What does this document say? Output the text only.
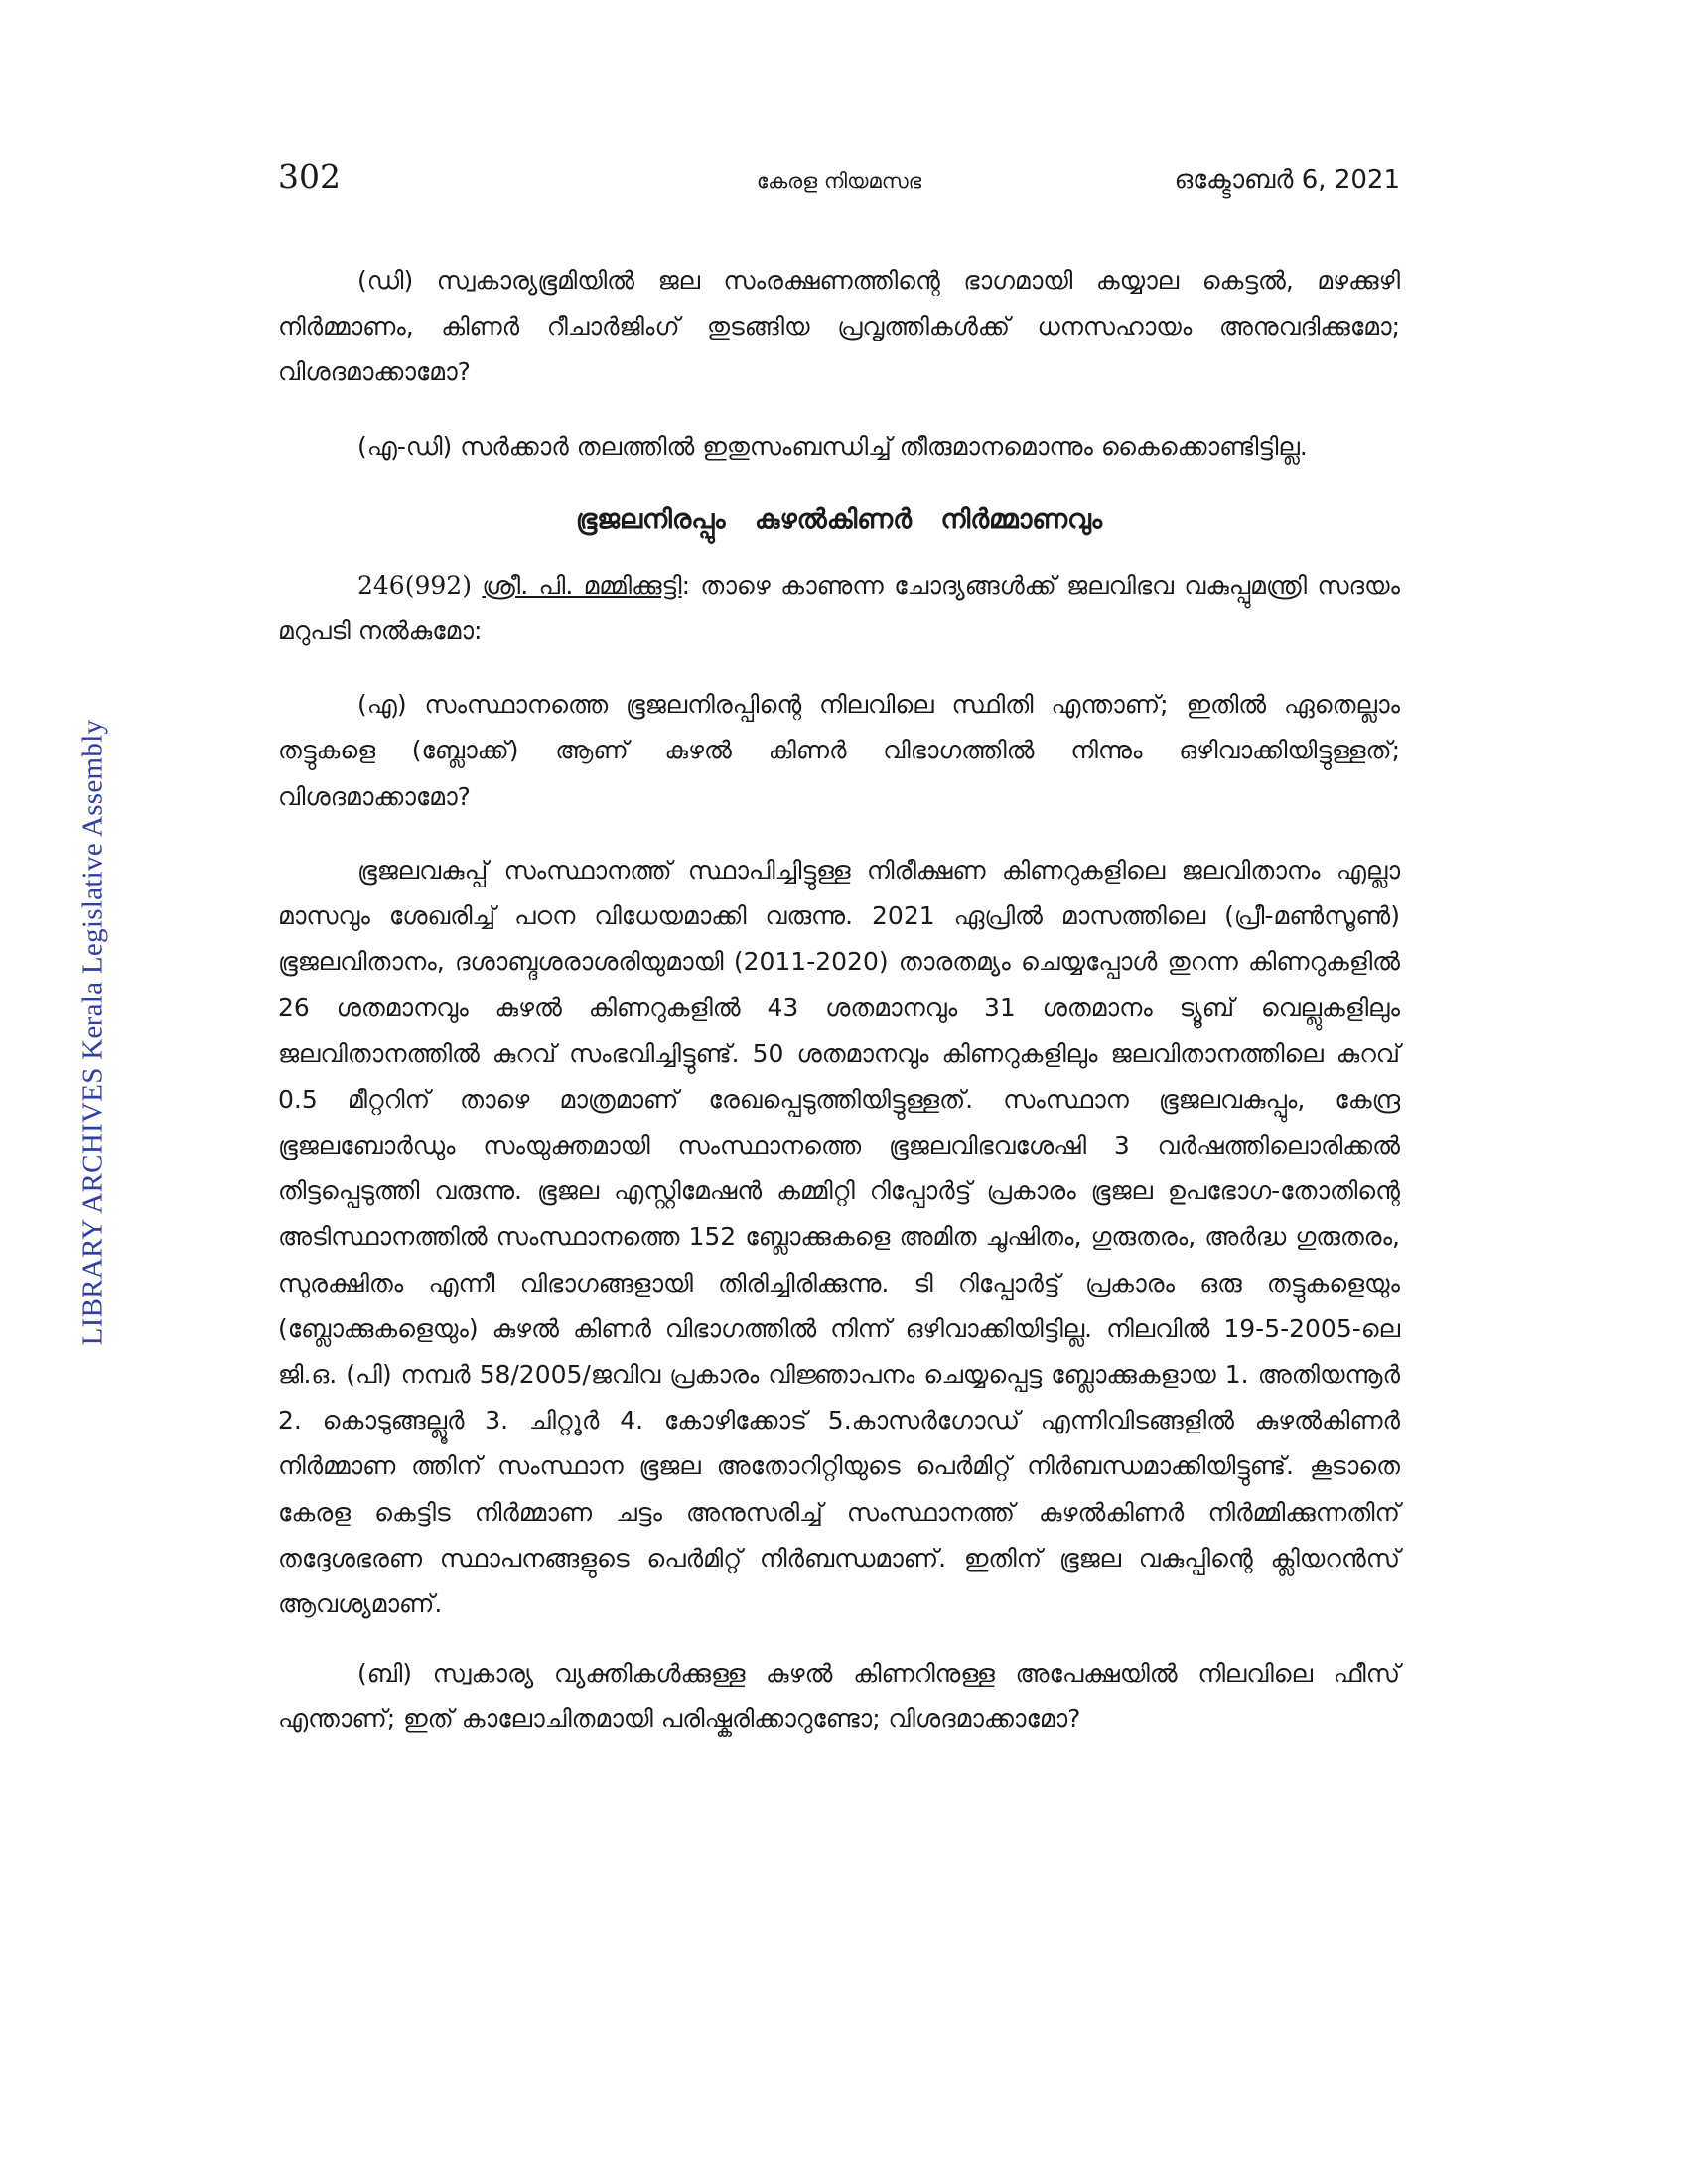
302	കേരള നിയമസഭ	ഒക്ടോബർ 6, 2021
LIBRARY ARCHIVES Kerala Legislative Assembly

(ഡി) സ്വകാര്യഭൂമിയിൽ ജല സംരക്ഷണത്തിന്റെ ഭാഗമായി കയ്യാല കെട്ടൽ, മഴക്കുഴി നിർമ്മാണം, കിണർ റീചാർജിംഗ് തുടങ്ങിയ പ്രവൃത്തികൾക്ക് ധനസഹായം അനുവദിക്കുമോ; വിശദമാക്കാമോ?

(എ-ഡി) സർക്കാർ തലത്തിൽ ഇതുസംബന്ധിച്ച് തീരുമാനമൊന്നും കൈക്കൊണ്ടിട്ടില്ല.

ഭൂജലനിരപ്പും കുഴൽകിണർ നിർമ്മാണവും

246(992) ശ്രീ. പി. മമ്മിക്കുട്ടി: താഴെ കാണുന്ന ചോദ്യങ്ങൾക്ക് ജലവിഭവ വകുപ്പുമന്ത്രി സദയം മറുപടി നൽകുമോ:

(എ) സംസ്ഥാനത്തെ ഭൂജലനിരപ്പിന്റെ നിലവിലെ സ്ഥിതി എന്താണ്; ഇതിൽ ഏതെല്ലാം തട്ടുകളെ (ബ്ലോക്ക്) ആണ് കുഴൽ കിണർ വിഭാഗത്തിൽ നിന്നും ഒഴിവാക്കിയിട്ടുള്ളത്; വിശദമാക്കാമോ?

ഭൂജലവകുപ്പ് സംസ്ഥാനത്ത് സ്ഥാപിച്ചിട്ടുള്ള നിരീക്ഷണ കിണറുകളിലെ ജലവിതാനം എല്ലാ മാസവും ശേഖരിച്ച് പഠന വിധേയമാക്കി വരുന്നു. 2021 ഏപ്രിൽ മാസത്തിലെ (പ്രീ-മൺസൂൺ) ഭൂജലവിതാനം, ദശാബ്ദശരാശരിയുമായി (2011-2020) താരതമ്യം ചെയ്യപ്പോൾ തുറന്ന കിണറുകളിൽ 26 ശതമാനവും കുഴൽ കിണറുകളിൽ 43 ശതമാനവും 31 ശതമാനം ട്യൂബ് വെല്ലുകളിലും ജലവിതാനത്തിൽ കുറവ് സംഭവിച്ചിട്ടുണ്ട്. 50 ശതമാനവും കിണറുകളിലും ജലവിതാനത്തിലെ കുറവ് 0.5 മീറ്ററിന് താഴെ മാത്രമാണ് രേഖപ്പെടുത്തിയിട്ടുള്ളത്. സംസ്ഥാന ഭൂജലവകുപ്പും, കേന്ദ്ര ഭൂജലബോർഡും സംയുക്തമായി സംസ്ഥാനത്തെ ഭൂജലവിഭവശേഷി 3 വർഷത്തിലൊരിക്കൽ തിട്ടപ്പെടുത്തി വരുന്നു. ഭൂജല എസ്റ്റിമേഷൻ കമ്മിറ്റി റിപ്പോർട്ട് പ്രകാരം ഭൂജല ഉപഭോഗ-തോതിന്റെ അടിസ്ഥാനത്തിൽ സംസ്ഥാനത്തെ 152 ബ്ലോക്കുകളെ അമിത ചൂഷിതം, ഗുരുതരം, അർദ്ധ ഗുരുതരം, സുരക്ഷിതം എന്നീ വിഭാഗങ്ങളായി തിരിച്ചിരിക്കുന്നു. ടി റിപ്പോർട്ട് പ്രകാരം ഒരു തട്ടുകളെയും (ബ്ലോക്കുകളെയും) കുഴൽ കിണർ വിഭാഗത്തിൽ നിന്ന് ഒഴിവാക്കിയിട്ടില്ല. നിലവിൽ 19-5-2005-ലെ ജി.ഒ. (പി) നമ്പർ 58/2005/ജവിവ പ്രകാരം വിജ്ഞാപനം ചെയ്യപ്പെട്ട ബ്ലോക്കുകളായ 1. അതിയന്നൂർ 2. കൊടുങ്ങല്ലൂർ 3. ചിറ്റൂർ 4. കോഴിക്കോട് 5.കാസർഗോഡ് എന്നിവിടങ്ങളിൽ കുഴൽകിണർ നിർമ്മാണ ത്തിന് സംസ്ഥാന ഭൂജല അതോറിറ്റിയുടെ പെർമിറ്റ് നിർബന്ധമാക്കിയിട്ടുണ്ട്. കൂടാതെ കേരള കെട്ടിട നിർമ്മാണ ചട്ടം അനുസരിച്ച് സംസ്ഥാനത്ത് കുഴൽകിണർ നിർമ്മിക്കുന്നതിന് തദ്ദേശഭരണ സ്ഥാപനങ്ങളുടെ പെർമിറ്റ് നിർബന്ധമാണ്. ഇതിന് ഭൂജല വകുപ്പിന്റെ ക്ലിയറൻസ് ആവശ്യമാണ്.

(ബി) സ്വകാര്യ വ്യക്തികൾക്കുള്ള കുഴൽ കിണറിനുള്ള അപേക്ഷയിൽ നിലവിലെ ഫീസ് എന്താണ്; ഇത് കാലോചിതമായി പരിഷ്കരിക്കാറുണ്ടോ; വിശദമാക്കാമോ?
